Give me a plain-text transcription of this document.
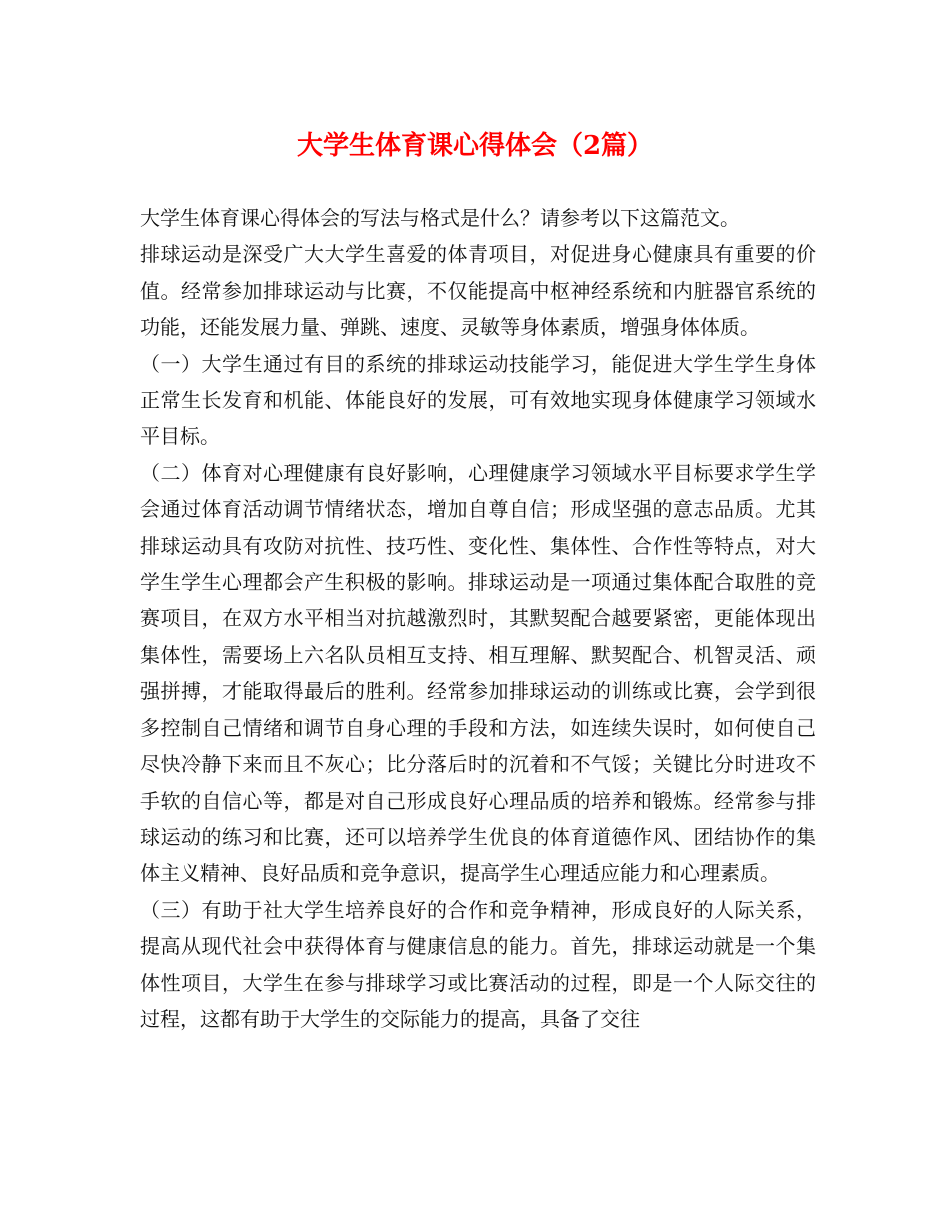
大学生体育课心得体会（2篇）

大学生体育课心得体会的写法与格式是什么？请参考以下这篇范文。

排球运动是深受广大大学生喜爱的体青项目，对促进身心健康具有重要的价值。经常参加排球运动与比赛，不仅能提高中枢神经系统和内脏器官系统的功能，还能发展力量、弹跳、速度、灵敏等身体素质，增强身体体质。

（一）大学生通过有目的系统的排球运动技能学习，能促进大学生学生身体正常生长发育和机能、体能良好的发展，可有效地实现身体健康学习领域水平目标。

（二）体育对心理健康有良好影响，心理健康学习领域水平目标要求学生学会通过体育活动调节情绪状态，增加自尊自信；形成坚强的意志品质。尤其排球运动具有攻防对抗性、技巧性、变化性、集体性、合作性等特点，对大学生学生心理都会产生积极的影响。排球运动是一项通过集体配合取胜的竞赛项目，在双方水平相当对抗越激烈时，其默契配合越要紧密，更能体现出集体性，需要场上六名队员相互支持、相互理解、默契配合、机智灵活、顽强拼搏，才能取得最后的胜利。经常参加排球运动的训练或比赛，会学到很多控制自己情绪和调节自身心理的手段和方法，如连续失误时，如何使自己尽快冷静下来而且不灰心；比分落后时的沉着和不气馁；关键比分时进攻不手软的自信心等，都是对自己形成良好心理品质的培养和锻炼。经常参与排球运动的练习和比赛，还可以培养学生优良的体育道德作风、团结协作的集体主义精神、良好品质和竞争意识，提高学生心理适应能力和心理素质。

（三）有助于社大学生培养良好的合作和竞争精神，形成良好的人际关系，提高从现代社会中获得体育与健康信息的能力。首先，排球运动就是一个集体性项目，大学生在参与排球学习或比赛活动的过程，即是一个人际交往的过程，这都有助于大学生的交际能力的提高，具备了交往
